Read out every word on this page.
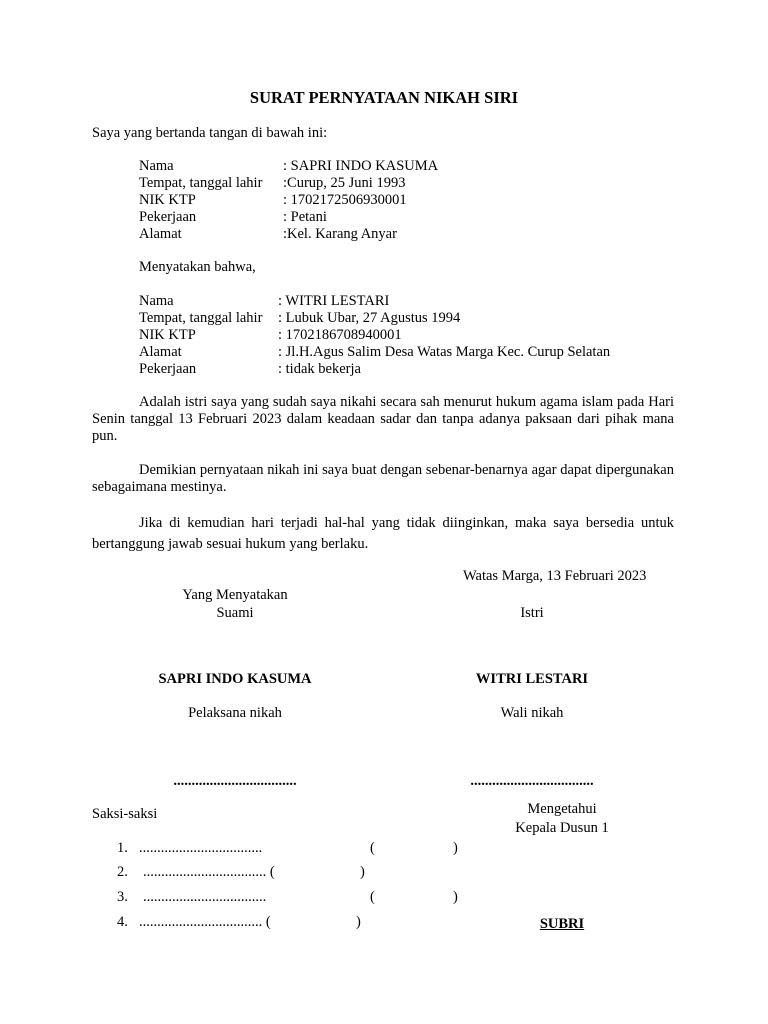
SURAT PERNYATAAN NIKAH SIRI
Saya yang bertanda tangan di bawah ini:
Nama	: SAPRI INDO KASUMA
Tempat, tanggal lahir :Curup, 25 Juni 1993
NIK KTP	: 1702172506930001
Pekerjaan	: Petani
Alamat	:Kel. Karang Anyar
Menyatakan bahwa,
Nama	: WITRI LESTARI
Tempat, tanggal lahir : Lubuk Ubar, 27 Agustus 1994
NIK KTP	: 1702186708940001
Alamat	: Jl.H.Agus Salim Desa Watas Marga Kec. Curup Selatan
Pekerjaan	: tidak bekerja
Adalah istri saya yang sudah saya nikahi secara sah menurut hukum agama islam pada Hari Senin tanggal 13 Februari 2023 dalam keadaan sadar dan tanpa adanya paksaan dari pihak mana pun.
Demikian pernyataan nikah ini saya buat dengan sebenar-benarnya agar dapat dipergunakan sebagaimana mestinya.
Jika di kemudian hari terjadi hal-hal yang tidak diinginkan, maka saya bersedia untuk bertanggung jawab sesuai hukum yang berlaku.
Watas Marga, 13 Februari 2023
Yang Menyatakan
Suami	Istri
SAPRI INDO KASUMA	WITRI LESTARI
Pelaksana nikah	Wali nikah
..................................	..................................
Saksi-saksi	Mengetahui
Kepala Dusun 1
1. ..................................	(	)
2. .................................. (	)
3. ..................................	(	)
4. .................................. (	)	SUBRI
